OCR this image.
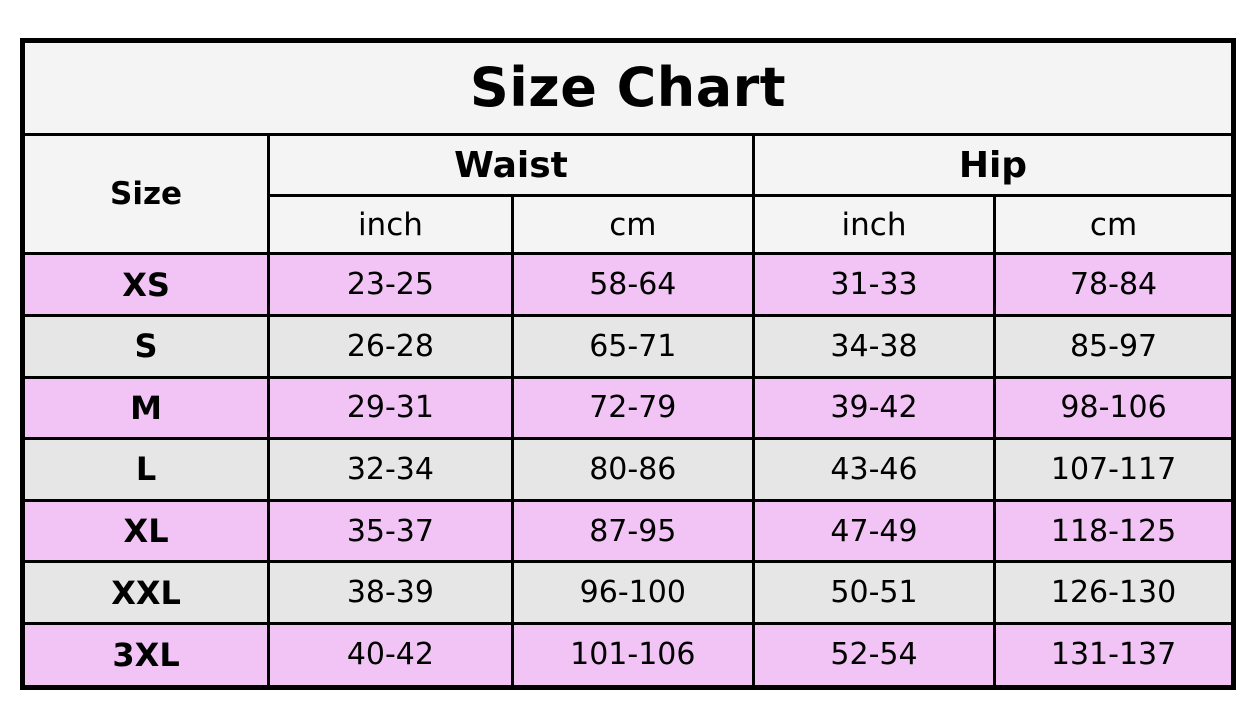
Size Chart				

Size	Waist		Hip	
	inch	cm	inch	cm
XS	23-25	58-64	31-33	78-84
S	26-28	65-71	34-38	85-97
M	29-31	72-79	39-42	98-106
L	32-34	80-86	43-46	107-117
XL	35-37	87-95	47-49	118-125
XXL	38-39	96-100	50-51	126-130
3XL	40-42	101-106	52-54	131-137
